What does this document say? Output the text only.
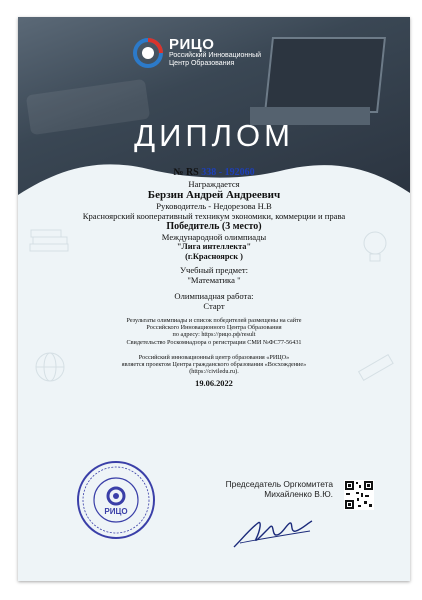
РИЦО
Российский Инновационный
Центр Образования
ДИПЛОМ
№ RS 338 - 192060
Награждается
Берзин Андрей Андреевич
Руководитель - Недорезова Н.В
Красноярский кооперативный техникум экономики, коммерции и права
Победитель (3 место)
Международной олимпиады
"Лига интеллекта"
(г.Красноярск )
Учебный предмет:
"Математика "
Олимпиадная работа:
Старт
Результаты олимпиады и список победителей размещены на сайте
Российского Инновационного Центра Образования
по адресу: https://рицо.рф/result
Свидетельство Роскомнадзора о регистрации СМИ №ФС77-56431
Российский инновационный центр образования «РИЦО»
является проектом Центра гражданского образования «Восхождение»
(https://civiledu.ru).
19.06.2022
РИЦО
Председатель Оргкомитета
Михайленко В.Ю.
